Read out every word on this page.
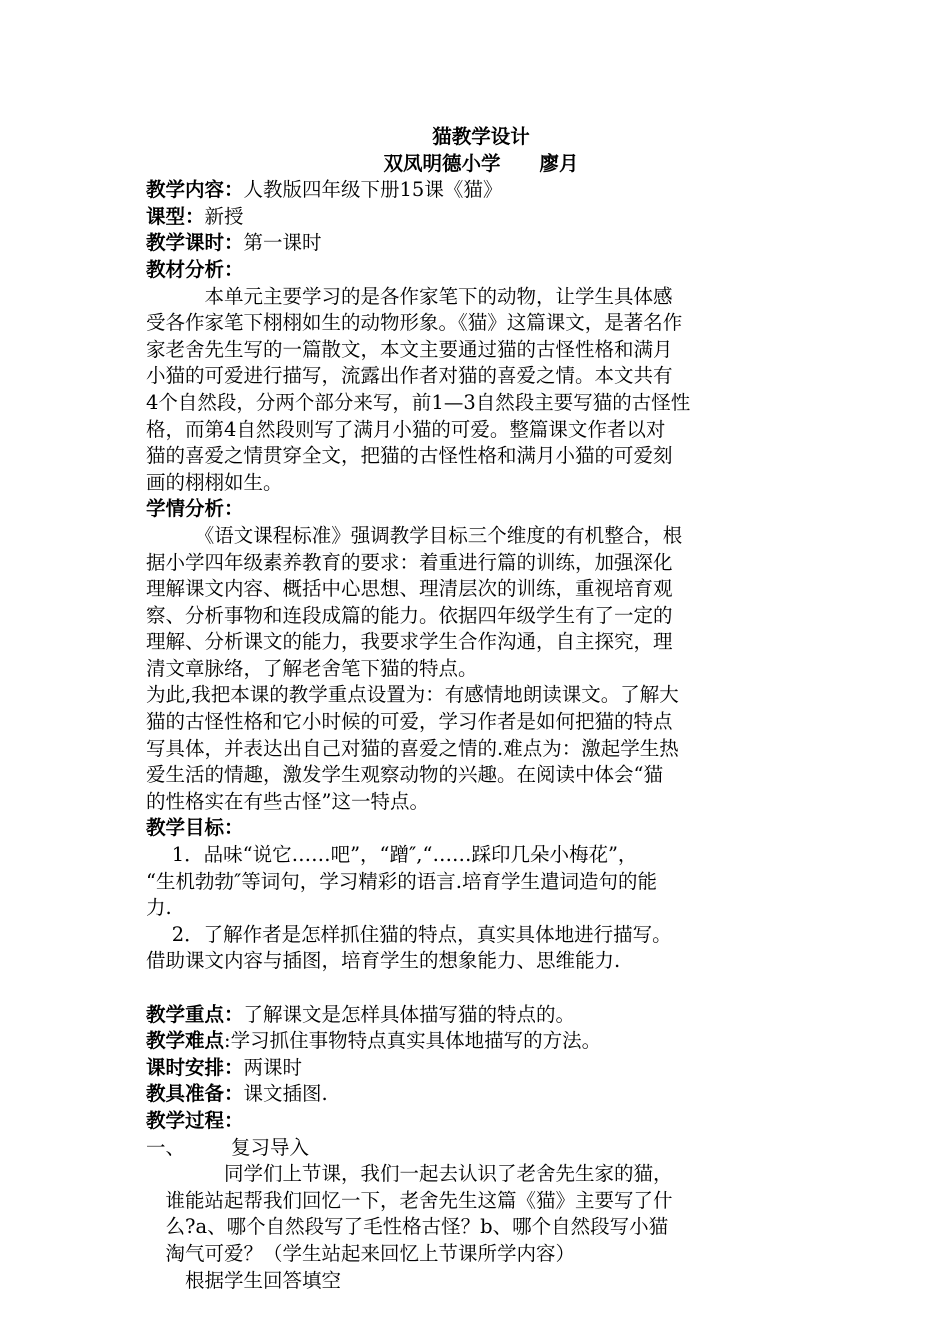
猫教学设计
双凤明德小学　　廖月
教学内容：人教版四年级下册15课《猫》
课型：新授
教学课时：第一课时
教材分析：
　　　本单元主要学习的是各作家笔下的动物，让学生具体感
受各作家笔下栩栩如生的动物形象。《猫》这篇课文，是著名作
家老舍先生写的一篇散文，本文主要通过猫的古怪性格和满月
小猫的可爱进行描写，流露出作者对猫的喜爱之情。本文共有
4个自然段，分两个部分来写，前1—3自然段主要写猫的古怪性
格，而第4自然段则写了满月小猫的可爱。整篇课文作者以对
猫的喜爱之情贯穿全文，把猫的古怪性格和满月小猫的可爱刻
画的栩栩如生。
学情分析：
　　　《语文课程标准》强调教学目标三个维度的有机整合，根
据小学四年级素养教育的要求：着重进行篇的训练，加强深化
理解课文内容、概括中心思想、理清层次的训练，重视培育观
察、分析事物和连段成篇的能力。依据四年级学生有了一定的
理解、分析课文的能力，我要求学生合作沟通，自主探究，理
清文章脉络，了解老舍笔下猫的特点。
为此,我把本课的教学重点设置为：有感情地朗读课文。了解大
猫的古怪性格和它小时候的可爱，学习作者是如何把猫的特点
写具体，并表达出自己对猫的喜爱之情的.难点为：激起学生热
爱生活的情趣，激发学生观察动物的兴趣。在阅读中体会“猫
的性格实在有些古怪”这一特点。
教学目标：
　 1．品味“说它……吧”，“蹭″,“……踩印几朵小梅花”，
“生机勃勃″等词句，学习精彩的语言.培育学生遣词造句的能
力.
　 2．了解作者是怎样抓住猫的特点，真实具体地进行描写。
借助课文内容与插图，培育学生的想象能力、思维能力.
教学重点：了解课文是怎样具体描写猫的特点的。
教学难点:学习抓住事物特点真实具体地描写的方法。
课时安排：两课时
教具准备：课文插图.
教学过程：
一、 复习导入
　　　　同学们上节课，我们一起去认识了老舍先生家的猫，
　谁能站起帮我们回忆一下，老舍先生这篇《猫》主要写了什
　么?a、哪个自然段写了毛性格古怪？b、哪个自然段写小猫
　淘气可爱？（学生站起来回忆上节课所学内容）
　　根据学生回答填空
